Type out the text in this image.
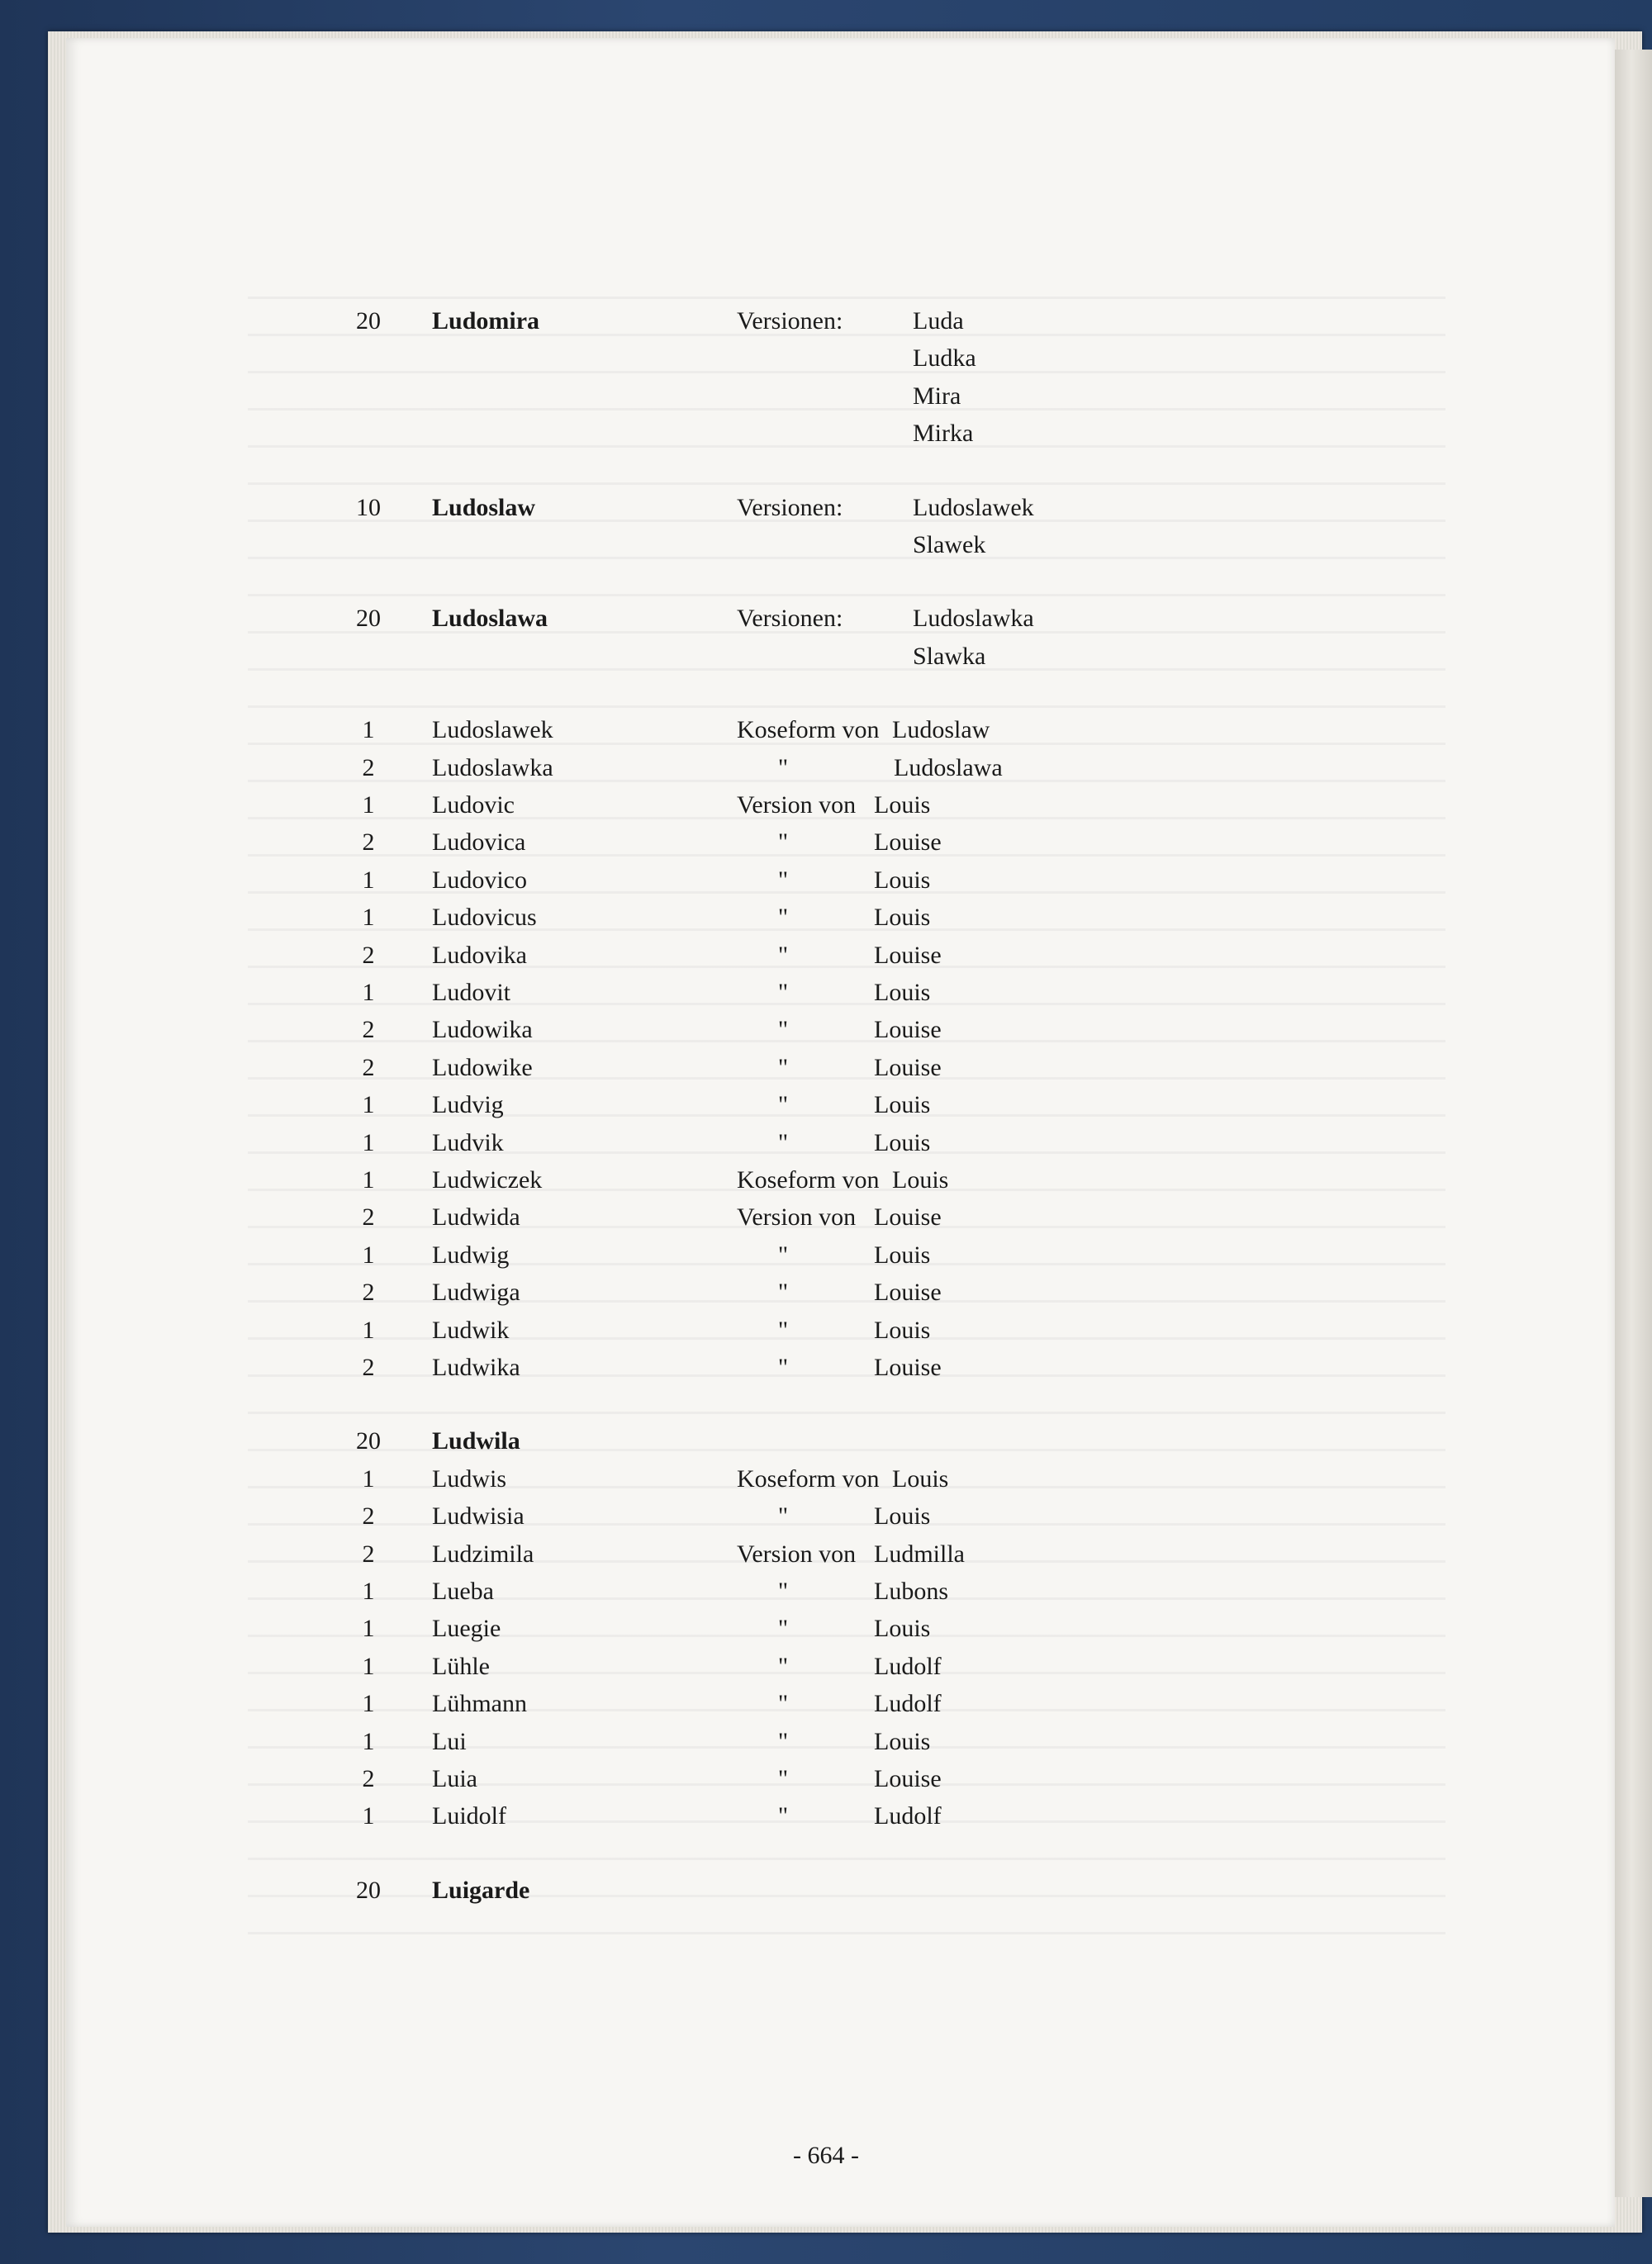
20 Ludomira	Versionen:	Luda
Ludka
Mira
Mirka
10 Ludoslaw	Versionen:	Ludoslawek
Slawek
20 Ludoslawa	Versionen:	Ludoslawka
Slawka
1	Ludoslawek	Koseform von Ludoslaw
2	Ludoslawka	"	Ludoslawa
1	Ludovic	Version von Louis
2	Ludovica	"	Louise
1	Ludovico	"	Louis
1	Ludovicus	"	Louis
2	Ludovika	"	Louise
1	Ludovit	"	Louis
2	Ludowika	"	Louise
2	Ludowike	"	Louise
1	Ludvig	"	Louis
1	Ludvik	"	Louis
1	Ludwiczek	Koseform von Louis
2	Ludwida	Version von Louise
1	Ludwig	"	Louis
2	Ludwiga	"	Louise
1	Ludwik	"	Louis
2	Ludwika	"	Louise
20 Ludwila
1	Ludwis	Koseform von Louis
2	Ludwisia	"	Louis
2	Ludzimila	Version von Ludmilla
1	Lueba	"	Lubons
1	Luegie	"	Louis
1	Lühle	"	Ludolf
1	Lühmann	"	Ludolf
1	Lui	"	Louis
2	Luia	"	Louise
1	Luidolf	"	Ludolf
20 Luigarde
- 664 -
